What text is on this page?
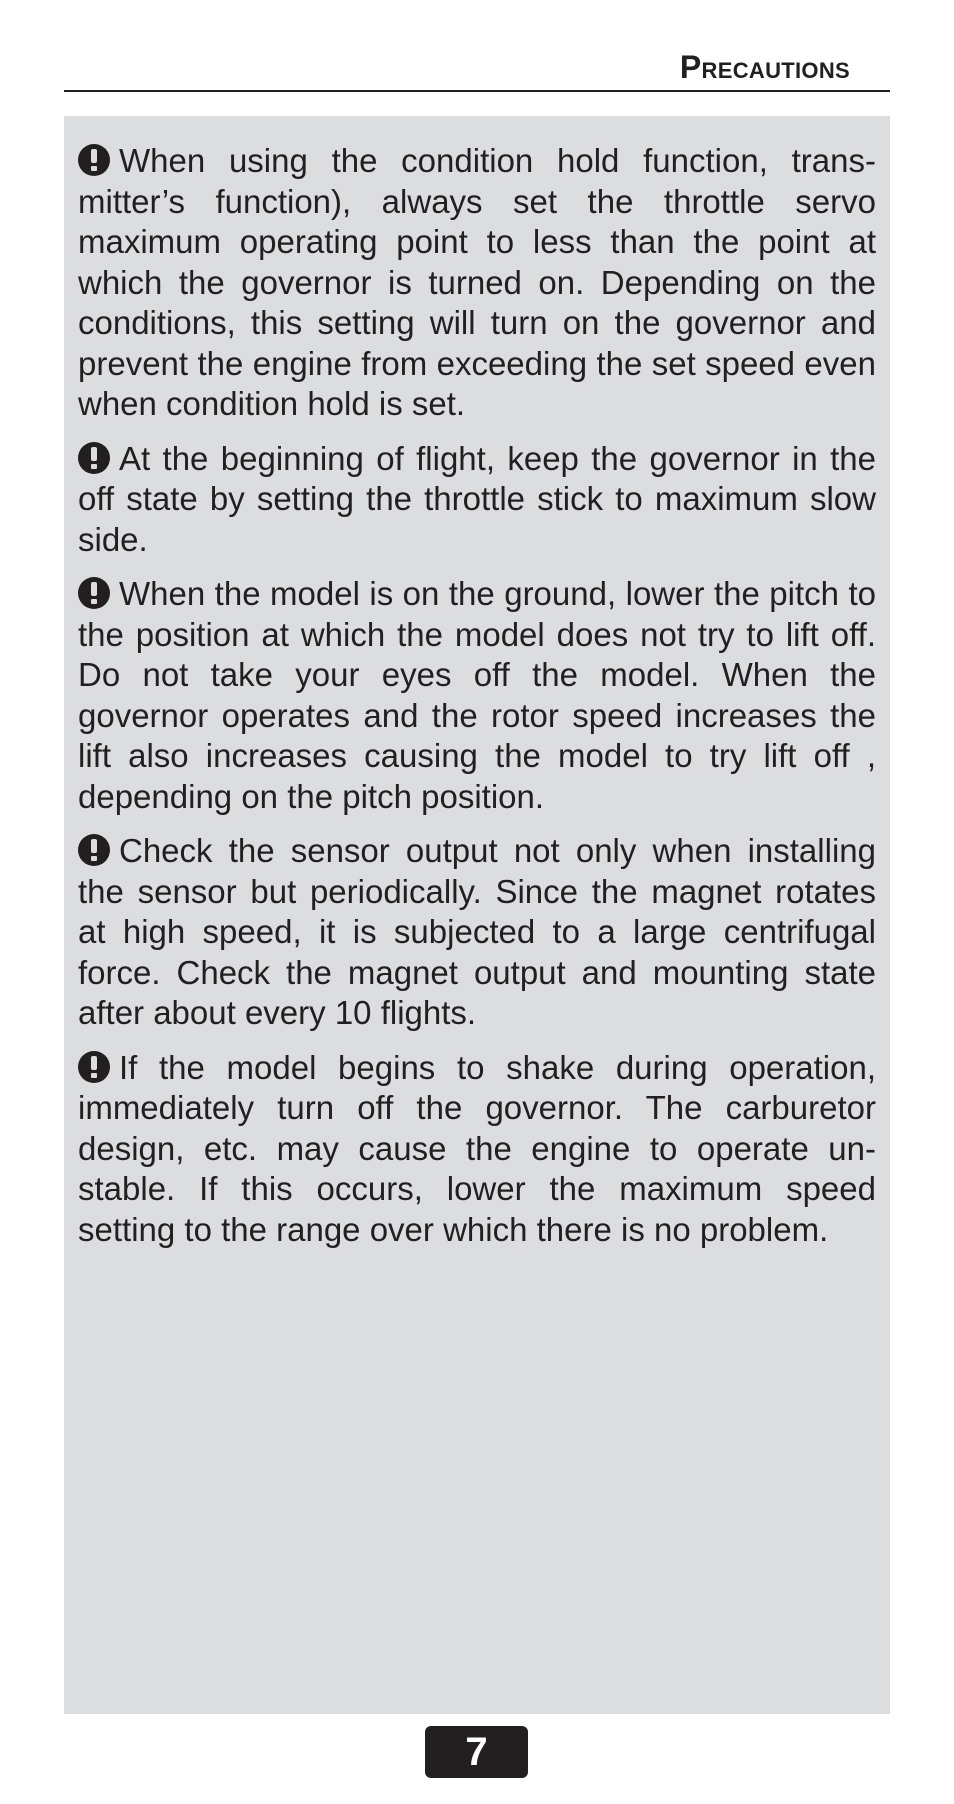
Precautions

When using the condition hold function, transmitter’s function), always set the throttle servo maximum operating point to less than the point at which the governor is turned on. Depending on the conditions, this setting will turn on the governor and prevent the engine from exceeding the set speed even when condition hold is set.

At the beginning of flight, keep the governor in the off state by setting the throttle stick to maximum slow side.

When the model is on the ground, lower the pitch to the position at which the model does not try to lift off. Do not take your eyes off the model. When the governor operates and the rotor speed increases the lift also increases causing the model to try lift off , depending on the pitch position.

Check the sensor output not only when installing the sensor but periodically. Since the magnet rotates at high speed, it is subjected to a large centrifugal force. Check the magnet output and mounting state after about every 10 flights.

If the model begins to shake during operation, immediately turn off the governor. The carburetor design, etc. may cause the engine to operate unstable. If this occurs, lower the maximum speed setting to the range over which there is no problem.

7
